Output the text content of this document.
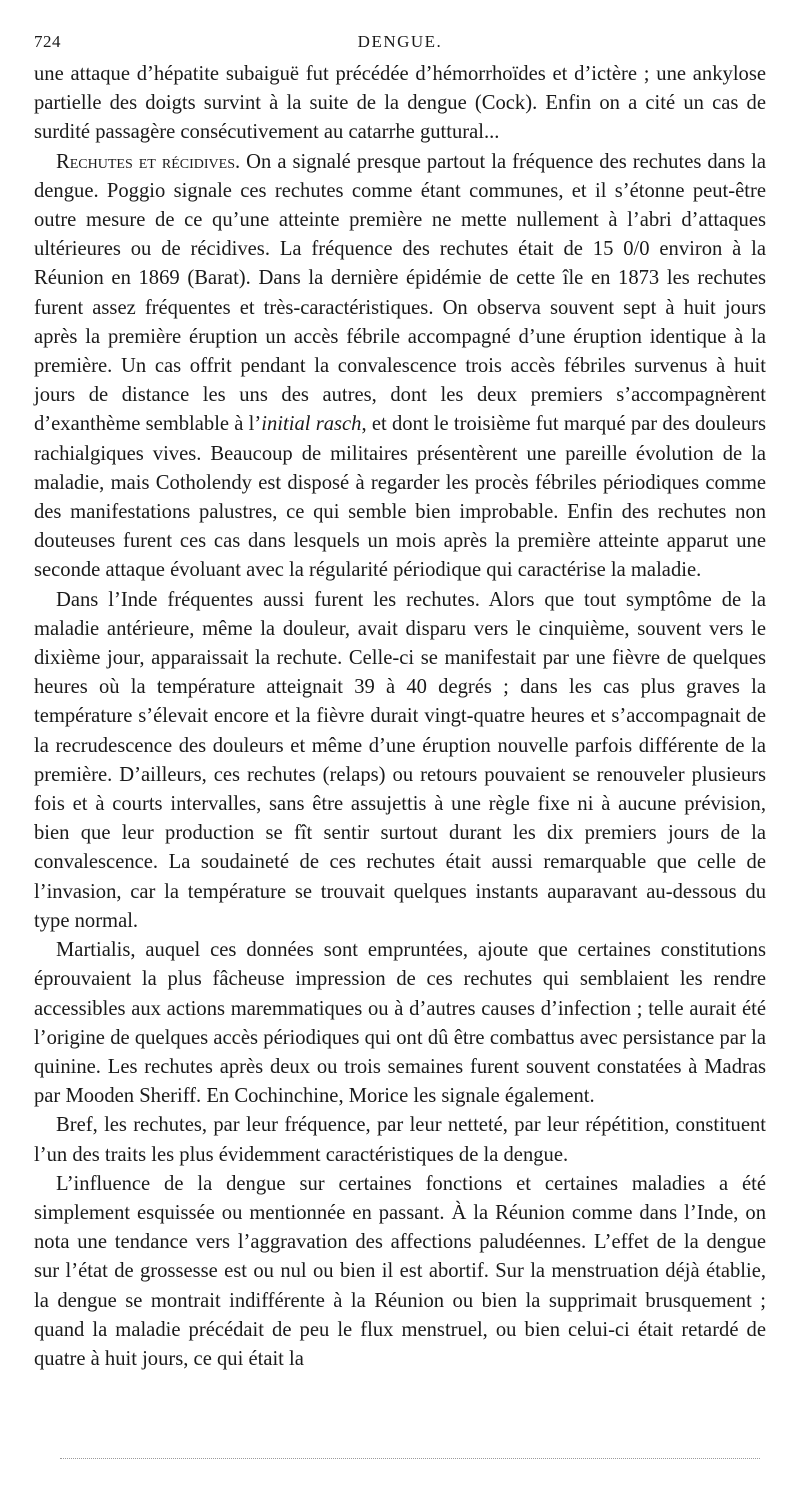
724	DENGUE.

une attaque d’hépatite subaiguë fut précédée d’hémorrhoïdes et d’ictère ; une ankylose partielle des doigts survint à la suite de la dengue (Cock). Enfin on a cité un cas de surdité passagère consécutivement au catarrhe guttural...

Rechutes et récidives. On a signalé presque partout la fréquence des rechutes dans la dengue. Poggio signale ces rechutes comme étant communes, et il s’étonne peut-être outre mesure de ce qu’une atteinte première ne mette nullement à l’abri d’attaques ultérieures ou de récidives. La fréquence des rechutes était de 15 0/0 environ à la Réunion en 1869 (Barat). Dans la dernière épidémie de cette île en 1873 les rechutes furent assez fréquentes et très-caractéristiques. On observa souvent sept à huit jours après la première éruption un accès fébrile accompagné d’une éruption identique à la première. Un cas offrit pendant la convalescence trois accès fébriles survenus à huit jours de distance les uns des autres, dont les deux premiers s’accompagnèrent d’exanthème semblable à l’initial rasch, et dont le troisième fut marqué par des douleurs rachialgiques vives. Beaucoup de militaires présentèrent une pareille évolution de la maladie, mais Cotholendy est disposé à regarder les procès fébriles périodiques comme des manifestations palustres, ce qui semble bien improbable. Enfin des rechutes non douteuses furent ces cas dans lesquels un mois après la première atteinte apparut une seconde attaque évoluant avec la régularité périodique qui caractérise la maladie.

Dans l’Inde fréquentes aussi furent les rechutes. Alors que tout symptôme de la maladie antérieure, même la douleur, avait disparu vers le cinquième, souvent vers le dixième jour, apparaissait la rechute. Celle-ci se manifestait par une fièvre de quelques heures où la température atteignait 39 à 40 degrés ; dans les cas plus graves la température s’élevait encore et la fièvre durait vingt-quatre heures et s’accompagnait de la recrudescence des douleurs et même d’une éruption nouvelle parfois différente de la première. D’ailleurs, ces rechutes (relaps) ou retours pouvaient se renouveler plusieurs fois et à courts intervalles, sans être assujettis à une règle fixe ni à aucune prévision, bien que leur production se fît sentir surtout durant les dix premiers jours de la convalescence. La soudaineté de ces rechutes était aussi remarquable que celle de l’invasion, car la température se trouvait quelques instants auparavant au-dessous du type normal.

Martialis, auquel ces données sont empruntées, ajoute que certaines constitutions éprouvaient la plus fâcheuse impression de ces rechutes qui semblaient les rendre accessibles aux actions maremmatiques ou à d’autres causes d’infection ; telle aurait été l’origine de quelques accès périodiques qui ont dû être combattus avec persistance par la quinine. Les rechutes après deux ou trois semaines furent souvent constatées à Madras par Mooden Sheriff. En Cochinchine, Morice les signale également.

Bref, les rechutes, par leur fréquence, par leur netteté, par leur répétition, constituent l’un des traits les plus évidemment caractéristiques de la dengue.

L’influence de la dengue sur certaines fonctions et certaines maladies a été simplement esquissée ou mentionnée en passant. À la Réunion comme dans l’Inde, on nota une tendance vers l’aggravation des affections paludéennes. L’effet de la dengue sur l’état de grossesse est ou nul ou bien il est abortif. Sur la menstruation déjà établie, la dengue se montrait indifférente à la Réunion ou bien la supprimait brusquement ; quand la maladie précédait de peu le flux menstruel, ou bien celui-ci était retardé de quatre à huit jours, ce qui était la
